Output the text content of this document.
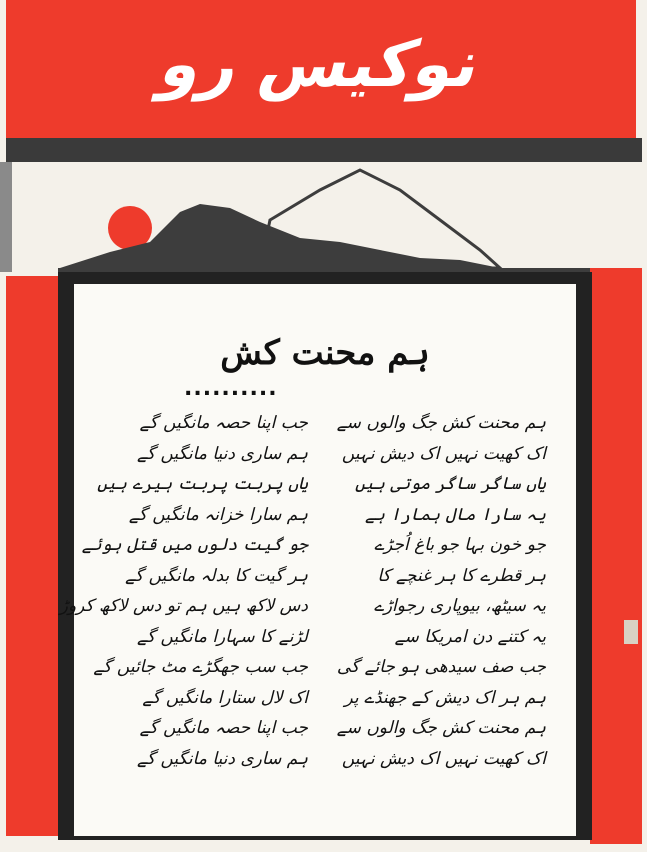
نوکیس رو
ہم محنت کش
..........
ہم محنت کش جگ والوں سے
اک کھیت نہیں اک دیش نہیں
یاں ساگر ساگر موتی ہیں
یہ سارا مال ہمارا ہے
جو خون بہا جو باغ اُجڑے
ہر قطرے کا ہر غنچے کا
یہ سیٹھ، بیوپاری رجواڑے
یہ کتنے دن امریکا سے
جب صف سیدھی ہو جائے گی
ہم ہر اک دیش کے جھنڈے پر
ہم محنت کش جگ والوں سے
اک کھیت نہیں اک دیش نہیں
جب اپنا حصہ مانگیں گے
ہم ساری دنیا مانگیں گے
یاں پربت پربت ہیرے ہیں
ہم سارا خزانہ مانگیں گے
جو گیت دلوں میں قتل ہوئے
ہر گیت کا بدلہ مانگیں گے
دس لاکھ ہیں ہم تو دس لاکھ کروڑ
لڑنے کا سہارا مانگیں گے
جب سب جھگڑے مٹ جائیں گے
اک لال ستارا مانگیں گے
جب اپنا حصہ مانگیں گے
ہم ساری دنیا مانگیں گے
